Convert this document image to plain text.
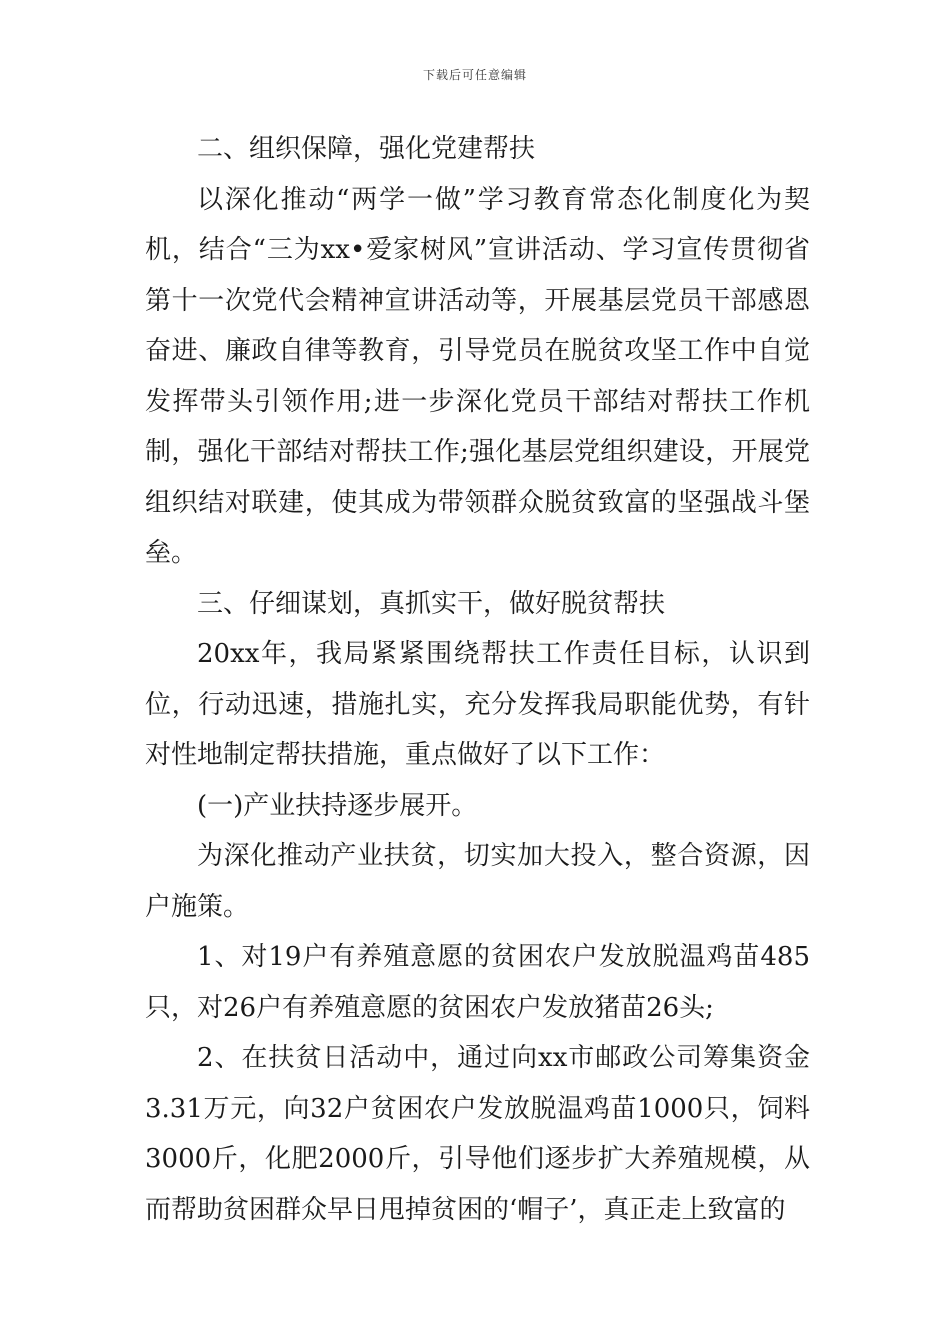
下载后可任意编辑

二、组织保障，强化党建帮扶

以深化推动“两学一做”学习教育常态化制度化为契机，结合“三为xx•爱家树风”宣讲活动、学习宣传贯彻省第十一次党代会精神宣讲活动等，开展基层党员干部感恩奋进、廉政自律等教育，引导党员在脱贫攻坚工作中自觉发挥带头引领作用;进一步深化党员干部结对帮扶工作机制，强化干部结对帮扶工作;强化基层党组织建设，开展党组织结对联建，使其成为带领群众脱贫致富的坚强战斗堡垒。

三、仔细谋划，真抓实干，做好脱贫帮扶

20xx年，我局紧紧围绕帮扶工作责任目标，认识到位，行动迅速，措施扎实，充分发挥我局职能优势，有针对性地制定帮扶措施，重点做好了以下工作：

(一)产业扶持逐步展开。

为深化推动产业扶贫，切实加大投入，整合资源，因户施策。

1、对19户有养殖意愿的贫困农户发放脱温鸡苗485只，对26户有养殖意愿的贫困农户发放猪苗26头;

2、在扶贫日活动中，通过向xx市邮政公司筹集资金3.31万元，向32户贫困农户发放脱温鸡苗1000只，饲料3000斤，化肥2000斤，引导他们逐步扩大养殖规模，从而帮助贫困群众早日甩掉贫困的‘帽子’，真正走上致富的
